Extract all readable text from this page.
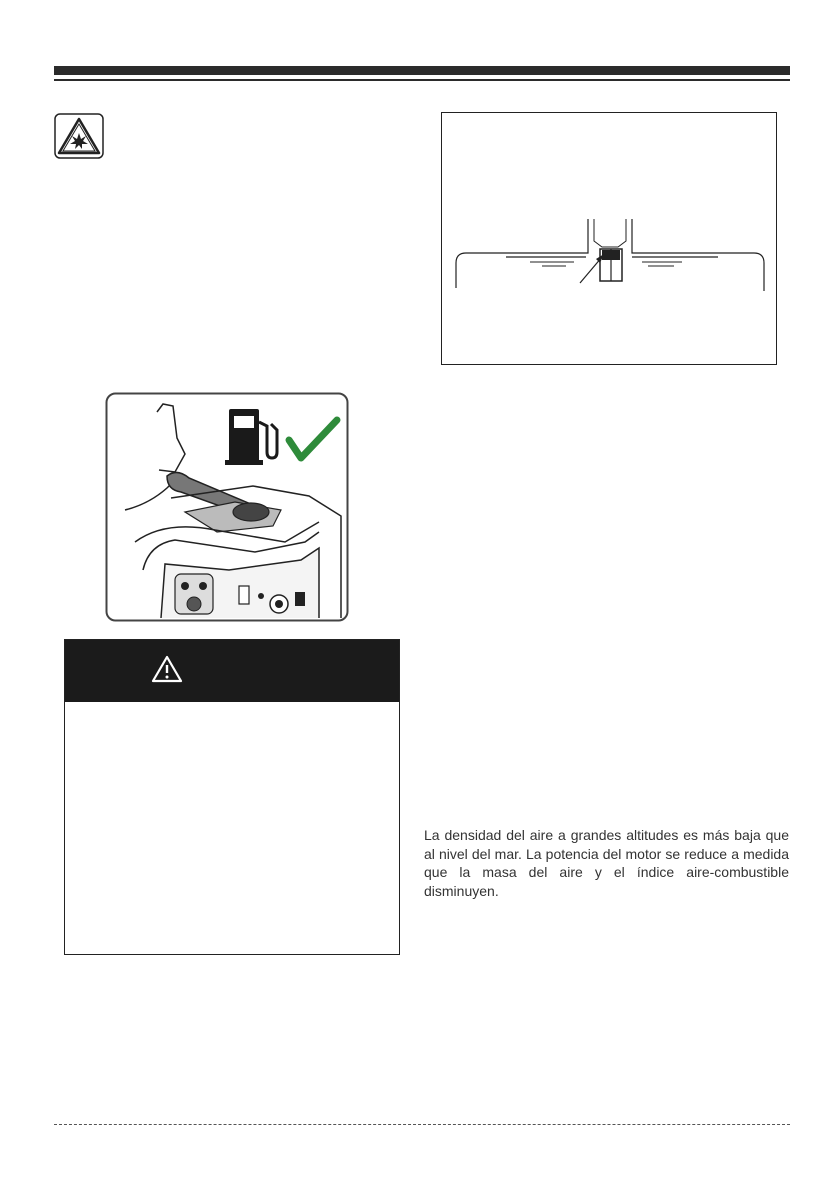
La densidad del aire a grandes altitudes es más baja que al nivel del mar. La potencia del motor se reduce a medida que la masa del aire y el índice aire-combustible disminuyen.
